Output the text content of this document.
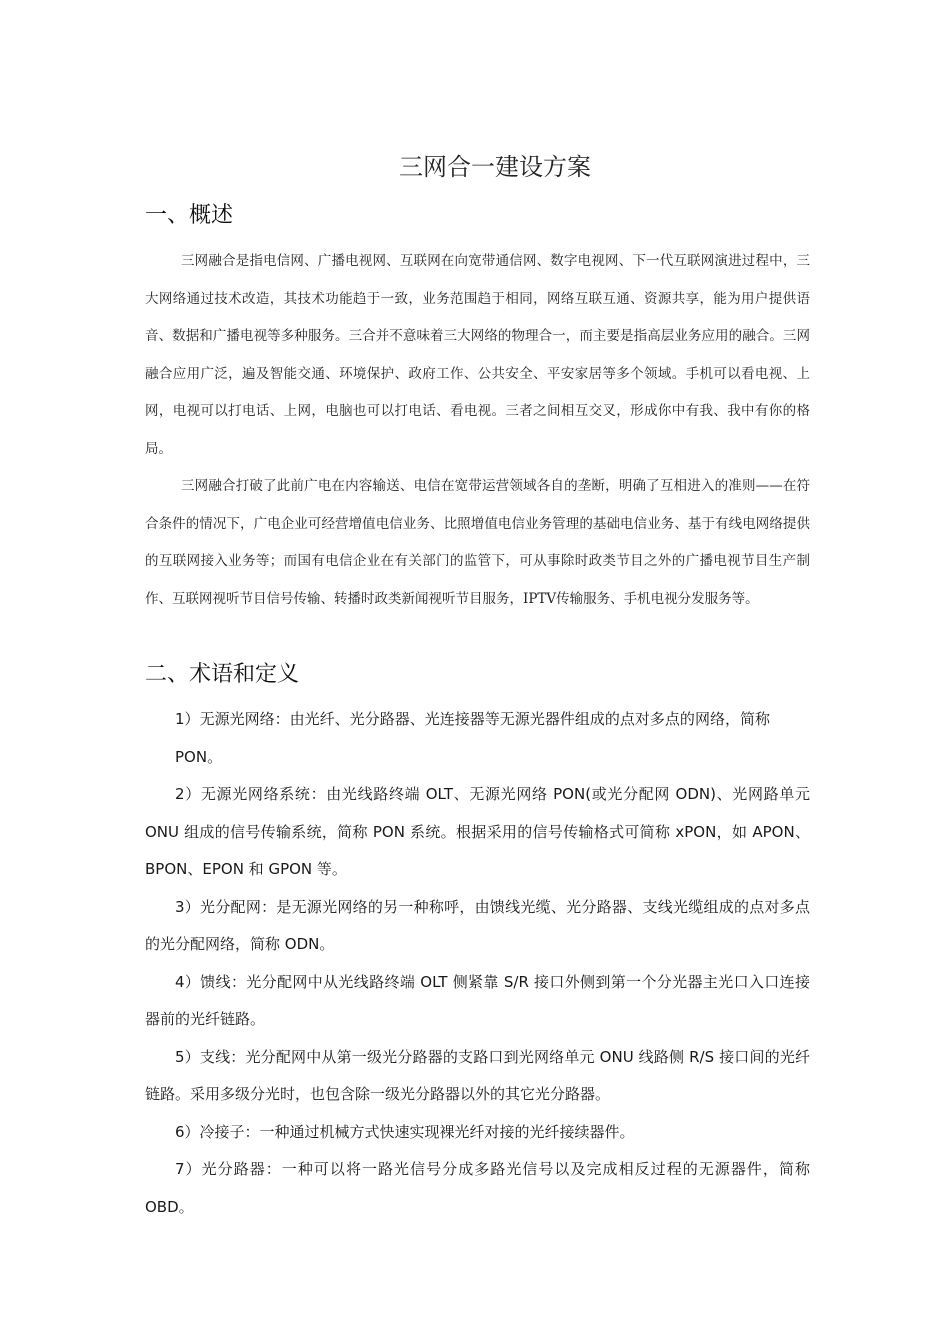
三网合一建设方案
一、概述

三网融合是指电信网、广播电视网、互联网在向宽带通信网、数字电视网、下一代互联网演进过程中，三大网络通过技术改造，其技术功能趋于一致，业务范围趋于相同，网络互联互通、资源共享，能为用户提供语音、数据和广播电视等多种服务。三合并不意味着三大网络的物理合一，而主要是指高层业务应用的融合。三网融合应用广泛，遍及智能交通、环境保护、政府工作、公共安全、平安家居等多个领域。手机可以看电视、上网，电视可以打电话、上网，电脑也可以打电话、看电视。三者之间相互交叉，形成你中有我、我中有你的格局。

三网融合打破了此前广电在内容输送、电信在宽带运营领域各自的垄断，明确了互相进入的准则——在符合条件的情况下，广电企业可经营增值电信业务、比照增值电信业务管理的基础电信业务、基于有线电网络提供的互联网接入业务等；而国有电信企业在有关部门的监管下，可从事除时政类节目之外的广播电视节目生产制作、互联网视听节目信号传输、转播时政类新闻视听节目服务，IPTV传输服务、手机电视分发服务等。

二、术语和定义

1）无源光网络：由光纤、光分路器、光连接器等无源光器件组成的点对多点的网络，简称 PON。

2）无源光网络系统：由光线路终端 OLT、无源光网络 PON(或光分配网 ODN)、光网路单元 ONU 组成的信号传输系统，简称 PON 系统。根据采用的信号传输格式可简称 xPON，如 APON、BPON、EPON 和 GPON 等。

3）光分配网：是无源光网络的另一种称呼，由馈线光缆、光分路器、支线光缆组成的点对多点的光分配网络，简称 ODN。

4）馈线：光分配网中从光线路终端 OLT 侧紧靠 S/R 接口外侧到第一个分光器主光口入口连接器前的光纤链路。

5）支线：光分配网中从第一级光分路器的支路口到光网络单元 ONU 线路侧 R/S 接口间的光纤链路。采用多级分光时，也包含除一级光分路器以外的其它光分路器。

6）冷接子：一种通过机械方式快速实现裸光纤对接的光纤接续器件。

7）光分路器：一种可以将一路光信号分成多路光信号以及完成相反过程的无源器件，简称 OBD。
